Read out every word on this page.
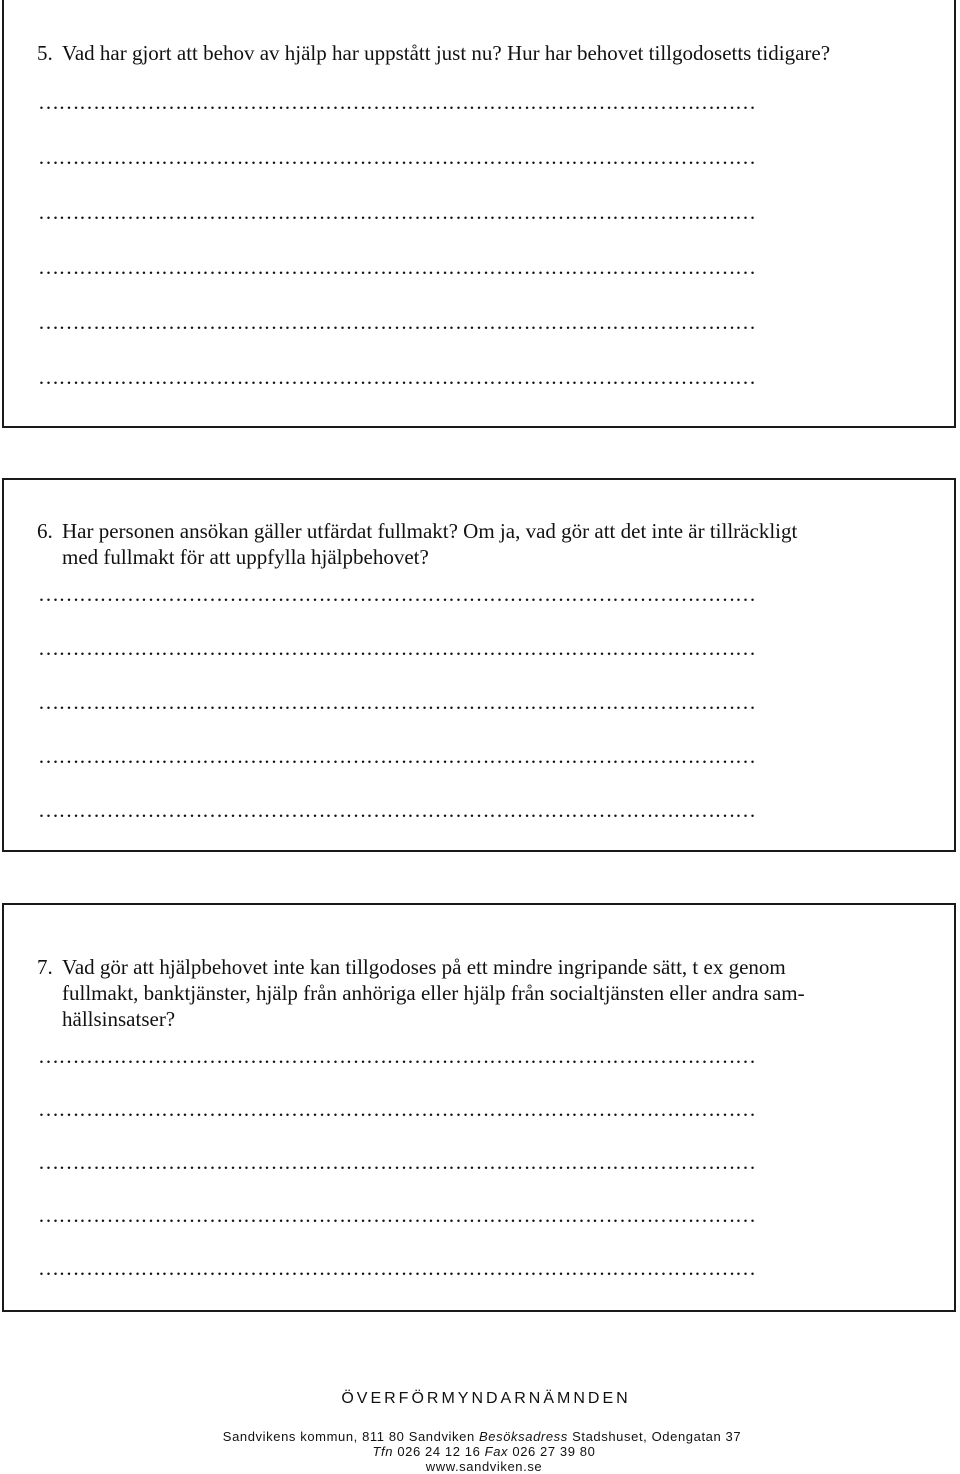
5. Vad har gjort att behov av hjälp har uppstått just nu? Hur har behovet tillgodosetts tidigare?
……………………………………………………………………………………………
……………………………………………………………………………………………
……………………………………………………………………………………………
……………………………………………………………………………………………
……………………………………………………………………………………………
……………………………………………………………………………………………
6. Har personen ansökan gäller utfärdat fullmakt? Om ja, vad gör att det inte är tillräckligt
med fullmakt för att uppfylla hjälpbehovet?
……………………………………………………………………………………………
……………………………………………………………………………………………
……………………………………………………………………………………………
……………………………………………………………………………………………
……………………………………………………………………………………………
7. Vad gör att hjälpbehovet inte kan tillgodoses på ett mindre ingripande sätt, t ex genom
fullmakt, banktjänster, hjälp från anhöriga eller hjälp från socialtjänsten eller andra sam-
hällsinsatser?
……………………………………………………………………………………………
……………………………………………………………………………………………
……………………………………………………………………………………………
……………………………………………………………………………………………
……………………………………………………………………………………………
ÖVERFÖRMYNDARNÄMNDEN
Sandvikens kommun, 811 80 Sandviken Besöksadress Stadshuset, Odengatan 37
Tfn 026 24 12 16 Fax 026 27 39 80
www.sandviken.se
